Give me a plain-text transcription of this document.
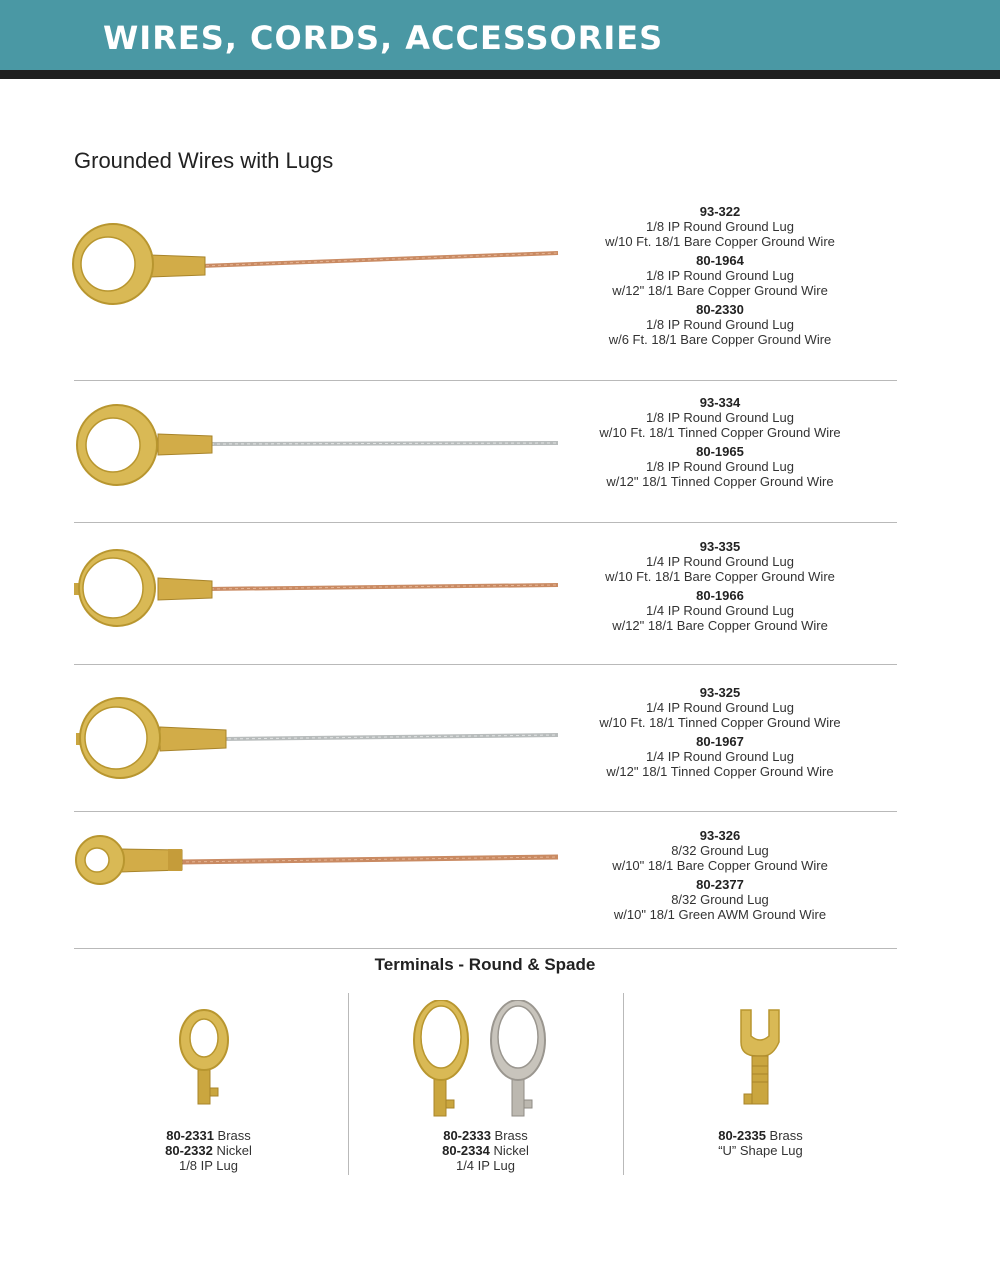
WIRES, CORDS, ACCESSORIES
Grounded Wires with Lugs
93-322
1/8 IP Round Ground Lug
w/10 Ft. 18/1 Bare Copper Ground Wire
80-1964
1/8 IP Round Ground Lug
w/12" 18/1 Bare Copper Ground Wire
80-2330
1/8 IP Round Ground Lug
w/6 Ft. 18/1 Bare Copper Ground Wire
93-334
1/8 IP Round Ground Lug
w/10 Ft. 18/1 Tinned Copper Ground Wire
80-1965
1/8 IP Round Ground Lug
w/12" 18/1 Tinned Copper Ground Wire
93-335
1/4 IP Round Ground Lug
w/10 Ft. 18/1 Bare Copper Ground Wire
80-1966
1/4 IP Round Ground Lug
w/12" 18/1 Bare Copper Ground Wire
93-325
1/4 IP Round Ground Lug
w/10 Ft. 18/1 Tinned Copper Ground Wire
80-1967
1/4 IP Round Ground Lug
w/12" 18/1 Tinned Copper Ground Wire
93-326
8/32 Ground Lug
w/10" 18/1 Bare Copper Ground Wire
80-2377
8/32 Ground Lug
w/10" 18/1 Green AWM Ground Wire
Terminals - Round & Spade
80-2331 Brass
80-2332 Nickel
1/8 IP Lug
80-2333 Brass
80-2334 Nickel
1/4 IP Lug
80-2335 Brass
“U” Shape Lug
